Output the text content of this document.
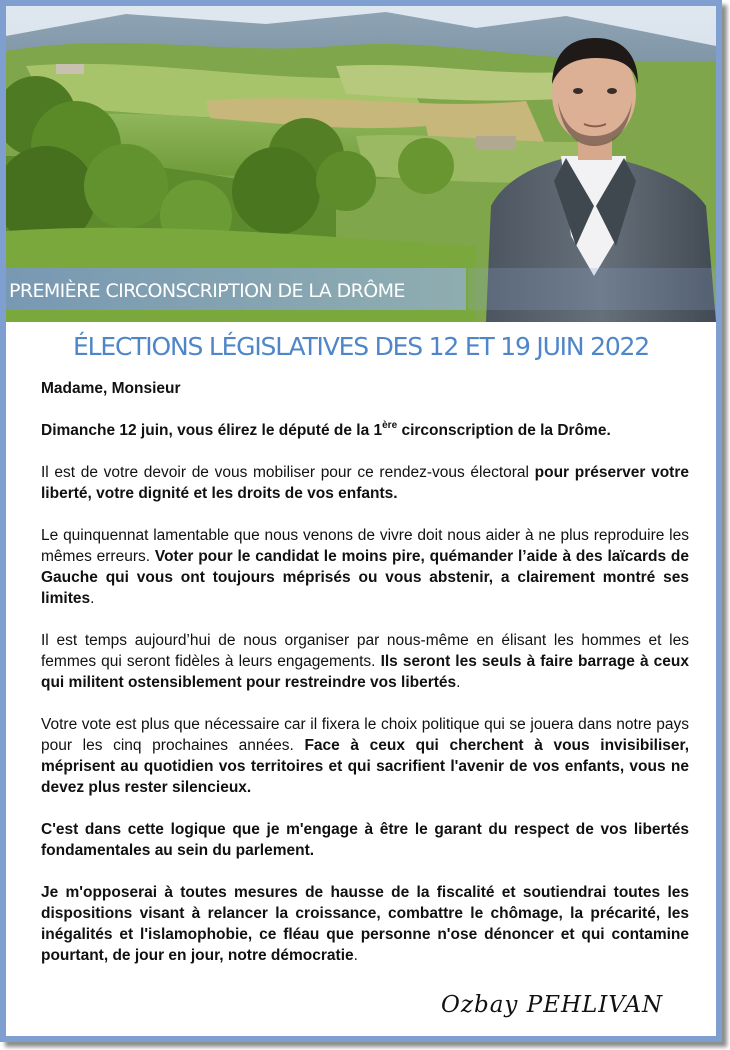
PREMIÈRE CIRCONSCRIPTION DE LA DRÔME
ÉLECTIONS LÉGISLATIVES DES 12 ET 19 JUIN 2022

Madame, Monsieur

Dimanche 12 juin, vous élirez le député de la 1ère circonscription de la Drôme.

Il est de votre devoir de vous mobiliser pour ce rendez-vous électoral pour préserver votre liberté, votre dignité et les droits de vos enfants.

Le quinquennat lamentable que nous venons de vivre doit nous aider à ne plus reproduire les mêmes erreurs. Voter pour le candidat le moins pire, quémander l’aide à des laïcards de Gauche qui vous ont toujours méprisés ou vous abstenir, a clairement montré ses limites.

Il est temps aujourd’hui de nous organiser par nous-même en élisant les hommes et les femmes qui seront fidèles à leurs engagements. Ils seront les seuls à faire barrage à ceux qui militent ostensiblement pour restreindre vos libertés.

Votre vote est plus que nécessaire car il fixera le choix politique qui se jouera dans notre pays pour les cinq prochaines années. Face à ceux qui cherchent à vous invisibiliser, méprisent au quotidien vos territoires et qui sacrifient l'avenir de vos enfants, vous ne devez plus rester silencieux.

C'est dans cette logique que je m'engage à être le garant du respect de vos libertés fondamentales au sein du parlement.

Je m'opposerai à toutes mesures de hausse de la fiscalité et soutiendrai toutes les dispositions visant à relancer la croissance, combattre le chômage, la précarité, les inégalités et l'islamophobie, ce fléau que personne n'ose dénoncer et qui contamine pourtant, de jour en jour, notre démocratie.

Ozbay PEHLIVAN
